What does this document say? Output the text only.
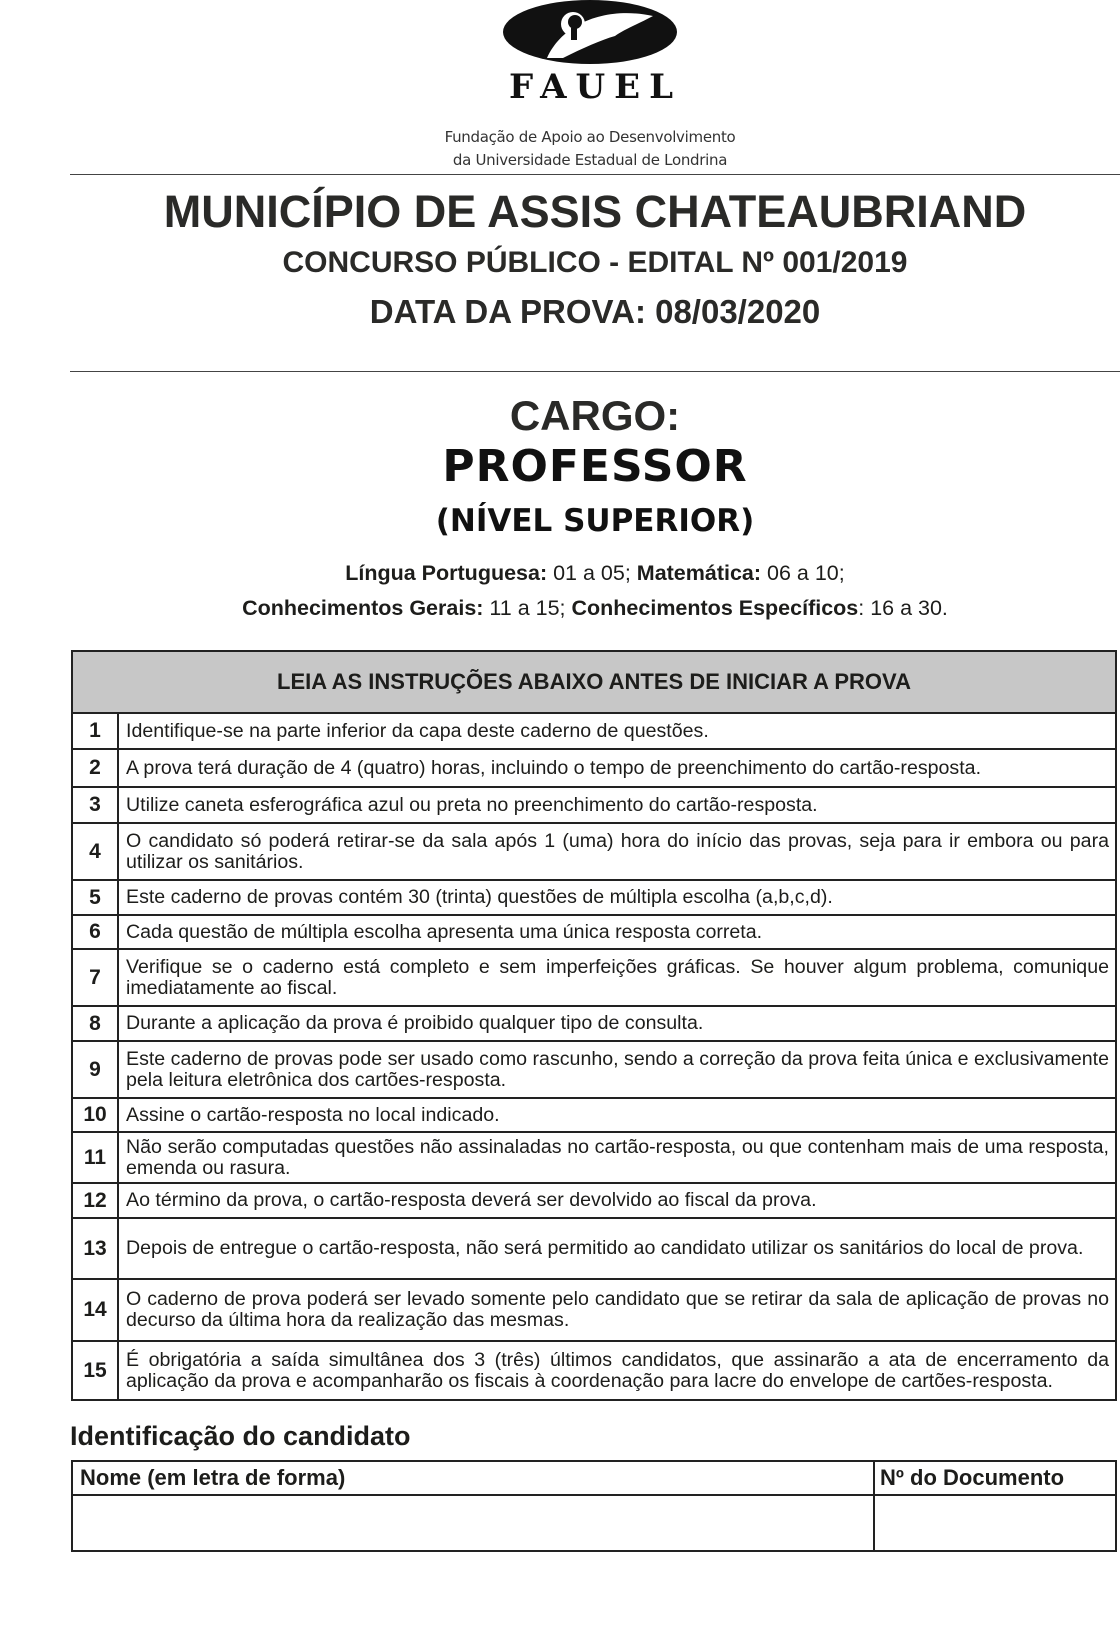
FAUEL
Fundação de Apoio ao Desenvolvimento
da Universidade Estadual de Londrina
MUNICÍPIO DE ASSIS CHATEAUBRIAND
CONCURSO PÚBLICO - EDITAL Nº 001/2019
DATA DA PROVA: 08/03/2020
CARGO:
PROFESSOR
(NÍVEL SUPERIOR)
Língua Portuguesa: 01 a 05; Matemática: 06 a 10;
Conhecimentos Gerais: 11 a 15; Conhecimentos Específicos: 16 a 30.
LEIA AS INSTRUÇÕES ABAIXO ANTES DE INICIAR A PROVA
1	Identifique-se na parte inferior da capa deste caderno de questões.
2	A prova terá duração de 4 (quatro) horas, incluindo o tempo de preenchimento do cartão-resposta.
3	Utilize caneta esferográfica azul ou preta no preenchimento do cartão-resposta.
4	O candidato só poderá retirar-se da sala após 1 (uma) hora do início das provas, seja para ir embora ou para utilizar os sanitários.
5	Este caderno de provas contém 30 (trinta) questões de múltipla escolha (a,b,c,d).
6	Cada questão de múltipla escolha apresenta uma única resposta correta.
7	Verifique se o caderno está completo e sem imperfeições gráficas. Se houver algum problema, comunique imediatamente ao fiscal.
8	Durante a aplicação da prova é proibido qualquer tipo de consulta.
9	Este caderno de provas pode ser usado como rascunho, sendo a correção da prova feita única e exclusivamente pela leitura eletrônica dos cartões-resposta.
10 Assine o cartão-resposta no local indicado.
11	Não serão computadas questões não assinaladas no cartão-resposta, ou que contenham mais de uma resposta, emenda ou rasura.
12 Ao término da prova, o cartão-resposta deverá ser devolvido ao fiscal da prova.
13 Depois de entregue o cartão-resposta, não será permitido ao candidato utilizar os sanitários do local de prova.
14 O caderno de prova poderá ser levado somente pelo candidato que se retirar da sala de aplicação de provas no decurso da última hora da realização das mesmas.
15 É obrigatória a saída simultânea dos 3 (três) últimos candidatos, que assinarão a ata de encerramento da aplicação da prova e acompanharão os fiscais à coordenação para lacre do envelope de cartões-resposta.
Identificação do candidato
Nome (em letra de forma)	Nº do Documento
